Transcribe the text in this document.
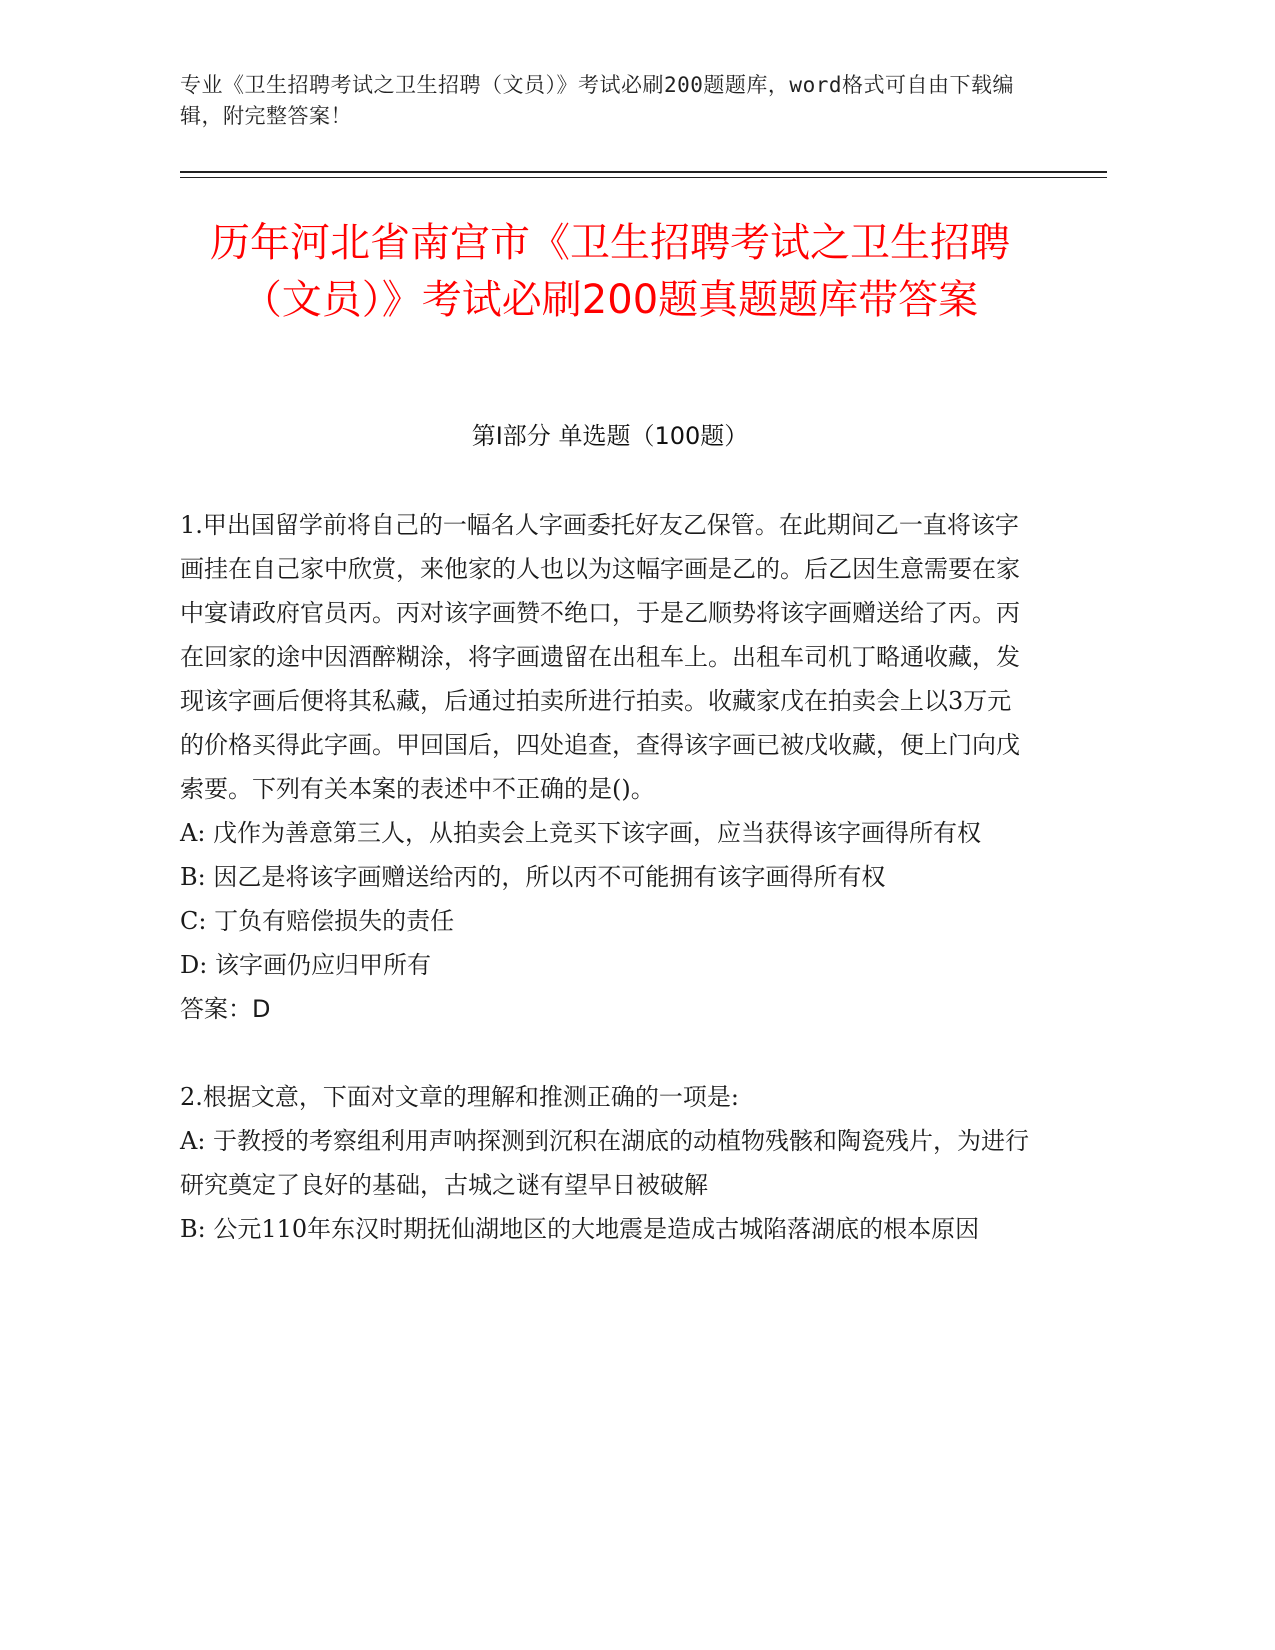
专业《卫生招聘考试之卫生招聘（文员）》考试必刷200题题库，word格式可自由下载编辑，附完整答案！
历年河北省南宫市《卫生招聘考试之卫生招聘（文员）》考试必刷200题真题题库带答案
第Ⅰ部分 单选题（100题）

1.甲出国留学前将自己的一幅名人字画委托好友乙保管。在此期间乙一直将该字画挂在自己家中欣赏，来他家的人也以为这幅字画是乙的。后乙因生意需要在家中宴请政府官员丙。丙对该字画赞不绝口，于是乙顺势将该字画赠送给了丙。丙在回家的途中因酒醉糊涂，将字画遗留在出租车上。出租车司机丁略通收藏，发现该字画后便将其私藏，后通过拍卖所进行拍卖。收藏家戊在拍卖会上以3万元的价格买得此字画。甲回国后，四处追查，查得该字画已被戊收藏，便上门向戊索要。下列有关本案的表述中不正确的是()。

A: 戊作为善意第三人，从拍卖会上竞买下该字画，应当获得该字画得所有权

B: 因乙是将该字画赠送给丙的，所以丙不可能拥有该字画得所有权

C: 丁负有赔偿损失的责任

D: 该字画仍应归甲所有

答案：D

2.根据文意，下面对文章的理解和推测正确的一项是:

A: 于教授的考察组利用声呐探测到沉积在湖底的动植物残骸和陶瓷残片，为进行研究奠定了良好的基础，古城之谜有望早日被破解

B: 公元110年东汉时期抚仙湖地区的大地震是造成古城陷落湖底的根本原因
